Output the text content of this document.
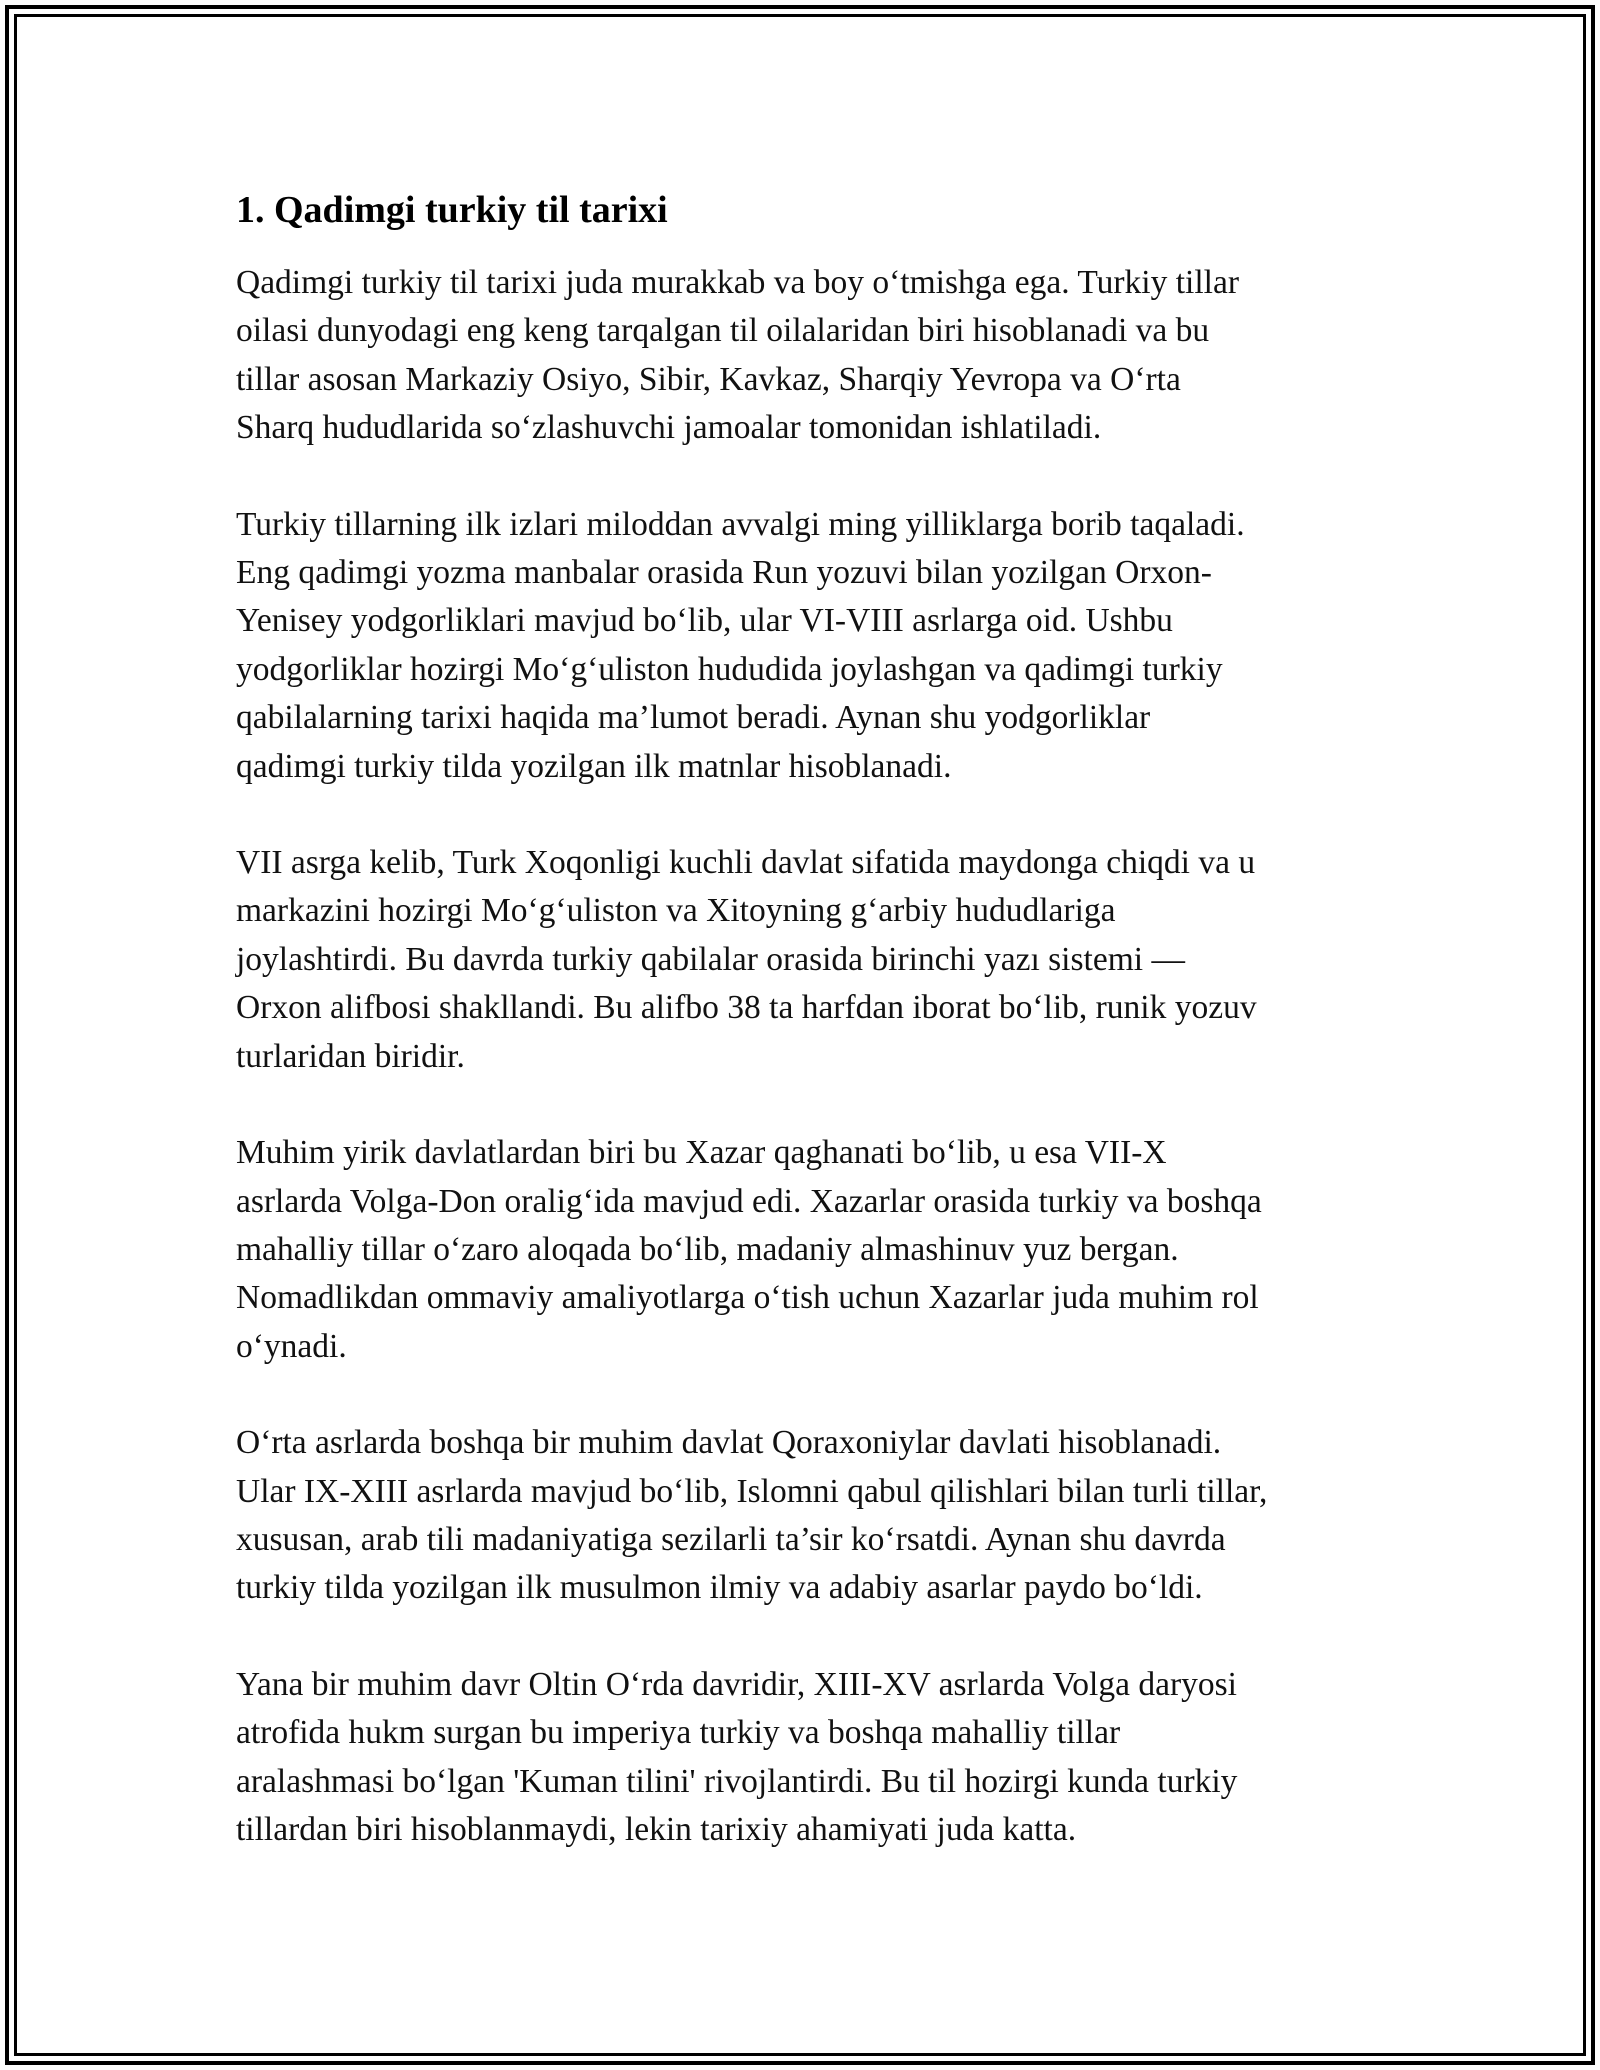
1. Qadimgi turkiy til tarixi
Qadimgi turkiy til tarixi juda murakkab va boy o‘tmishga ega. Turkiy tillar
oilasi dunyodagi eng keng tarqalgan til oilalaridan biri hisoblanadi va bu
tillar asosan Markaziy Osiyo, Sibir, Kavkaz, Sharqiy Yevropa va O‘rta
Sharq hududlarida so‘zlashuvchi jamoalar tomonidan ishlatiladi.
Turkiy tillarning ilk izlari miloddan avvalgi ming yilliklarga borib taqaladi.
Eng qadimgi yozma manbalar orasida Run yozuvi bilan yozilgan Orxon-
Yenisey yodgorliklari mavjud bo‘lib, ular VI-VIII asrlarga oid. Ushbu
yodgorliklar hozirgi Mo‘g‘uliston hududida joylashgan va qadimgi turkiy
qabilalarning tarixi haqida ma’lumot beradi. Aynan shu yodgorliklar
qadimgi turkiy tilda yozilgan ilk matnlar hisoblanadi.
VII asrga kelib, Turk Xoqonligi kuchli davlat sifatida maydonga chiqdi va u
markazini hozirgi Mo‘g‘uliston va Xitoyning g‘arbiy hududlariga
joylashtirdi. Bu davrda turkiy qabilalar orasida birinchi yazı sistemi —
Orxon alifbosi shakllandi. Bu alifbo 38 ta harfdan iborat bo‘lib, runik yozuv
turlaridan biridir.
Muhim yirik davlatlardan biri bu Xazar qaghanati bo‘lib, u esa VII-X
asrlarda Volga-Don oralig‘ida mavjud edi. Xazarlar orasida turkiy va boshqa
mahalliy tillar o‘zaro aloqada bo‘lib, madaniy almashinuv yuz bergan.
Nomadlikdan ommaviy amaliyotlarga o‘tish uchun Xazarlar juda muhim rol
o‘ynadi.
O‘rta asrlarda boshqa bir muhim davlat Qoraxoniylar davlati hisoblanadi.
Ular IX-XIII asrlarda mavjud bo‘lib, Islomni qabul qilishlari bilan turli tillar,
xususan, arab tili madaniyatiga sezilarli ta’sir ko‘rsatdi. Aynan shu davrda
turkiy tilda yozilgan ilk musulmon ilmiy va adabiy asarlar paydo bo‘ldi.
Yana bir muhim davr Oltin O‘rda davridir, XIII-XV asrlarda Volga daryosi
atrofida hukm surgan bu imperiya turkiy va boshqa mahalliy tillar
aralashmasi bo‘lgan 'Kuman tilini' rivojlantirdi. Bu til hozirgi kunda turkiy
tillardan biri hisoblanmaydi, lekin tarixiy ahamiyati juda katta.
